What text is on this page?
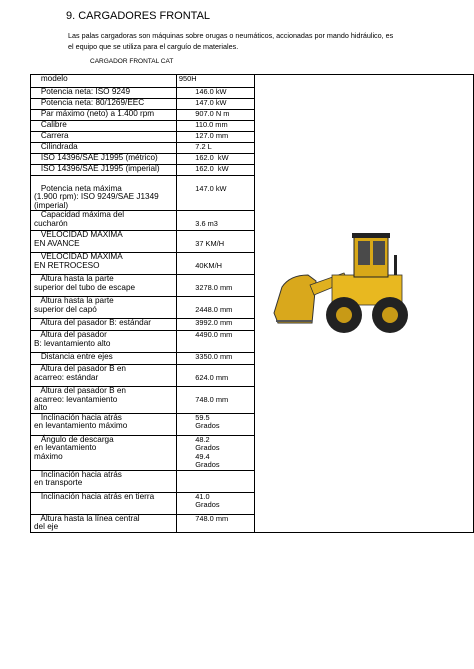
9. CARGADORES FRONTAL
Las palas cargadoras son máquinas sobre orugas o neumáticos, accionadas por mando hidráulico, es el equipo que se utiliza para el carguío de materiales.
CARGADOR FRONTAL CAT
modelo	950H	
Potencia neta: ISO 9249	146.0 kW	
Potencia neta: 80/1269/EEC	147.0 kW	
Par máximo (neto) a 1.400 rpm	907.0 N m	
Calibre	110.0 mm	
Carrera	127.0 mm	
Cilindrada	7.2 L	
ISO 14396/SAE J1995 (métrico)	162.0  kW	
ISO 14396/SAE J1995 (imperial)	162.0  kW	

Potencia neta máxima
(1.900 rpm): ISO 9249/SAE J1349
(imperial)	
147.0 kW	
Capacidad máxima del
cucharón	
3.6 m3	
VELOCIDAD MAXIMA
EN AVANCE	
37 KM/H	
VELOCIDAD MAXIMA
EN RETROCESO	
40KM/H	
Altura hasta la parte
superior del tubo de escape	
3278.0 mm	
Altura hasta la parte
superior del capó	
2448.0 mm	
Altura del pasador B: estándar	3992.0 mm	
Altura del pasador
B: levantamiento alto	4490.0 mm	
Distancia entre ejes	3350.0 mm	
Altura del pasador B en
acarreo: estándar	
624.0 mm	
Altura del pasador B en
acarreo: levantamiento
alto	
748.0 mm	
Inclinación hacia atrás
en levantamiento máximo	59.5
Grados	
Ángulo de descarga
en levantamiento
máximo	48.2
Grados
49.4
Grados	
Inclinación hacia atrás
en transporte		
Inclinación hacia atrás en tierra	41.0
Grados	
Altura hasta la línea central
del eje	748.0 mm	
